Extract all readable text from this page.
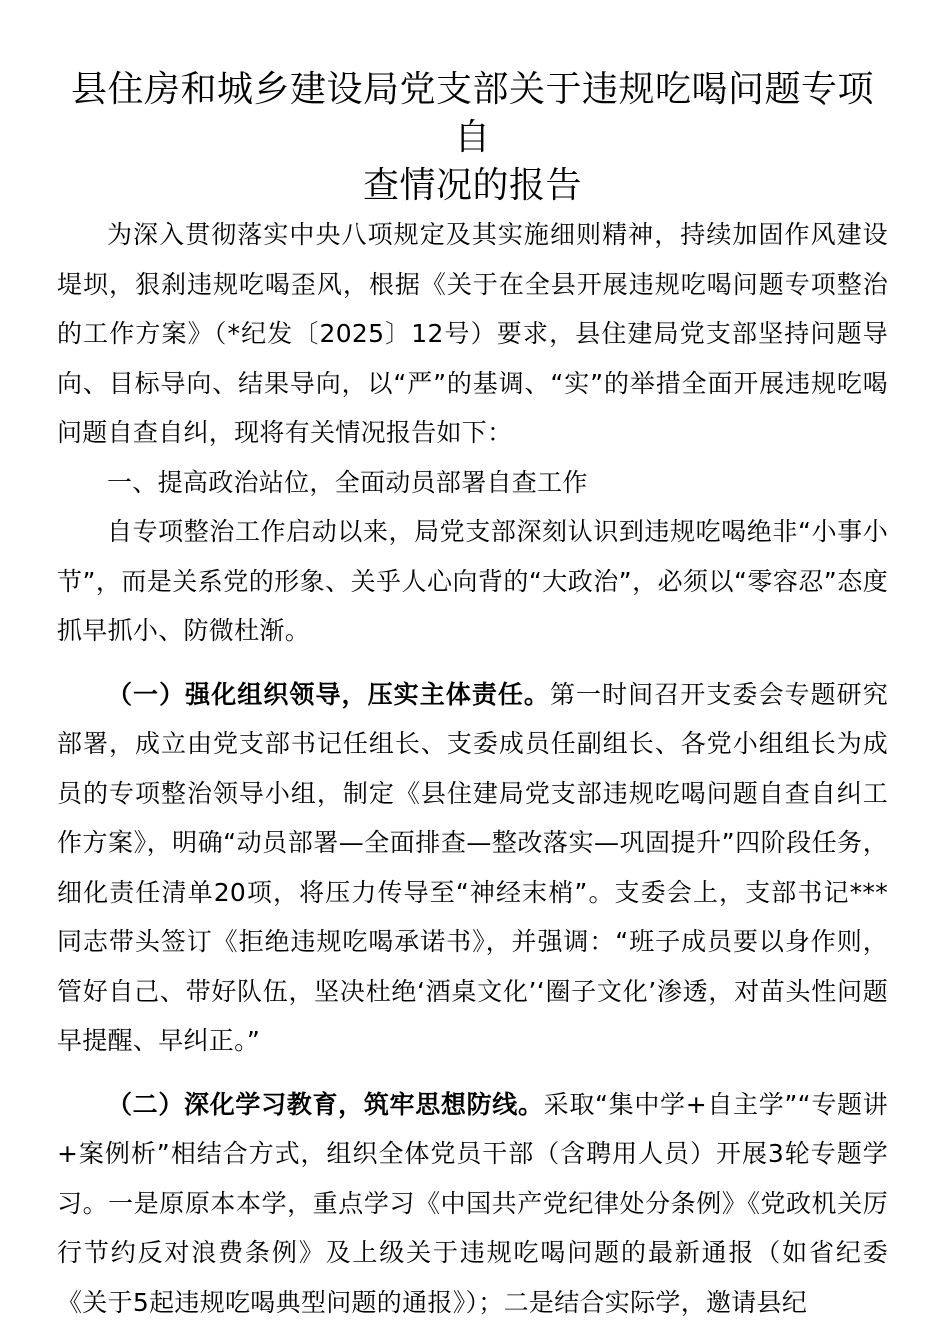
县住房和城乡建设局党支部关于违规吃喝问题专项自
查情况的报告

为深入贯彻落实中央八项规定及其实施细则精神，持续加固作风建设堤坝，狠刹违规吃喝歪风，根据《关于在全县开展违规吃喝问题专项整治的工作方案》（*纪发〔2025〕12号）要求，县住建局党支部坚持问题导向、目标导向、结果导向，以“严”的基调、“实”的举措全面开展违规吃喝问题自查自纠，现将有关情况报告如下：

一、提高政治站位，全面动员部署自查工作

自专项整治工作启动以来，局党支部深刻认识到违规吃喝绝非“小事小节”，而是关系党的形象、关乎人心向背的“大政治”，必须以“零容忍”态度抓早抓小、防微杜渐。

（一）强化组织领导，压实主体责任。第一时间召开支委会专题研究部署，成立由党支部书记任组长、支委成员任副组长、各党小组组长为成员的专项整治领导小组，制定《县住建局党支部违规吃喝问题自查自纠工作方案》，明确“动员部署—全面排查—整改落实—巩固提升”四阶段任务，细化责任清单20项，将压力传导至“神经末梢”。支委会上，支部书记***同志带头签订《拒绝违规吃喝承诺书》，并强调：“班子成员要以身作则，管好自己、带好队伍，坚决杜绝‘酒桌文化’‘圈子文化’渗透，对苗头性问题早提醒、早纠正。”

（二）深化学习教育，筑牢思想防线。采取“集中学+自主学”“专题讲+案例析”相结合方式，组织全体党员干部（含聘用人员）开展3轮专题学习。一是原原本本学，重点学习《中国共产党纪律处分条例》《党政机关厉行节约反对浪费条例》及上级关于违规吃喝问题的最新通报（如省纪委《关于5起违规吃喝典型问题的通报》）；二是结合实际学，邀请县纪
